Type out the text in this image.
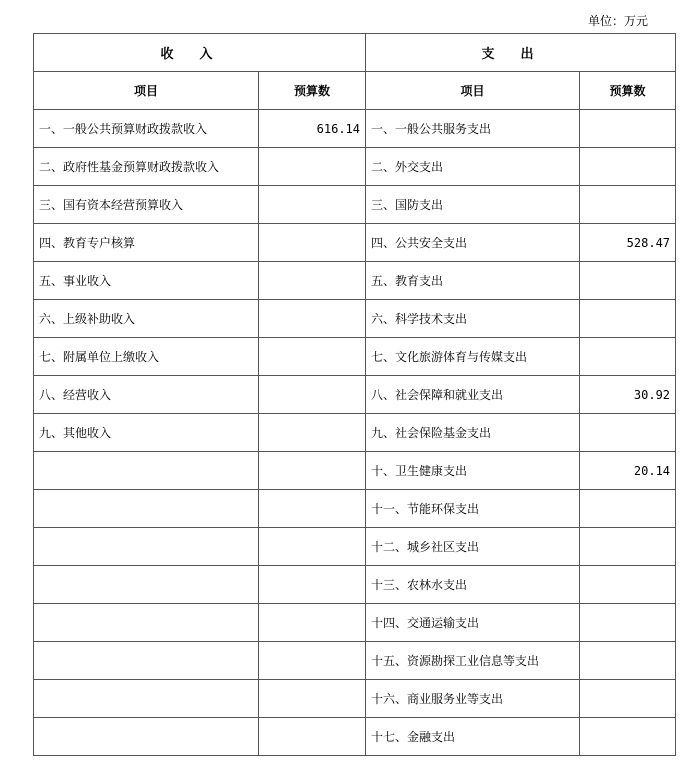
单位：万元
收入		支出	
项目	预算数	项目	预算数
一、一般公共预算财政拨款收入	616.14	一、一般公共服务支出	
二、政府性基金预算财政拨款收入		二、外交支出	
三、国有资本经营预算收入		三、国防支出	
四、教育专户核算		四、公共安全支出	528.47
五、事业收入		五、教育支出	
六、上级补助收入		六、科学技术支出	
七、附属单位上缴收入		七、文化旅游体育与传媒支出	
八、经营收入		八、社会保障和就业支出	30.92
九、其他收入		九、社会保险基金支出	
		十、卫生健康支出	20.14
		十一、节能环保支出	
		十二、城乡社区支出	
		十三、农林水支出	
		十四、交通运输支出	
		十五、资源勘探工业信息等支出	
		十六、商业服务业等支出	
		十七、金融支出	
